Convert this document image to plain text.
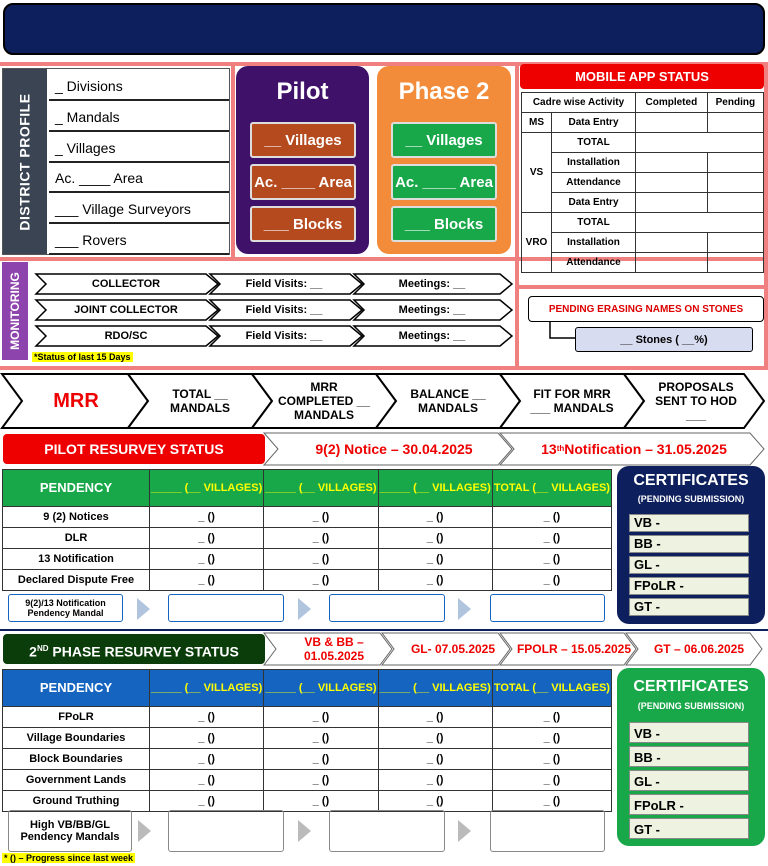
DISTRICT PROFILE
_ Divisions
_ Mandals
_ Villages
Ac. ____ Area
___ Village Surveyors
___ Rovers
Pilot
__ Villages
Ac. ____ Area
___ Blocks
Phase 2
__ Villages
Ac. ____ Area
___ Blocks
MOBILE APP STATUS
Cadre wise Activity		Completed	Pending
MS	Data Entry		
VS	TOTAL		
	Installation		
	Attendance		
	Data Entry		
VRO	TOTAL		
	Installation		
	Attendance		
MONITORING	COLLECTOR	Field Visits: __	Meetings: __
JOINT COLLECTOR	Field Visits: __	Meetings: __
RDO/SC	Field Visits: __	Meetings: __
*Status of last 15 Days
PENDING ERASING NAMES ON STONES
__ Stones ( __%)
MRR	TOTAL __ MANDALS
MRR COMPLETED __ MANDALS
BALANCE __ MANDALS
FIT FOR MRR ___ MANDALS
PROPOSALS SENT TO HOD ___
PILOT RESURVEY STATUS	9(2) Notice – 30.04.2025	13 th Notification – 31.05.2025
PENDENCY	_____ (__ VILLAGES)	_____ (__ VILLAGES)	_____ (__ VILLAGES)	TOTAL (__ VILLAGES)
9 (2) Notices	_ ()	_ ()	_ ()	_ ()
DLR	_ ()	_ ()	_ ()	_ ()
13 Notification	_ ()	_ ()	_ ()	_ ()
Declared Dispute Free	_ ()	_ ()	_ ()	_ ()
9(2)/13 Notification Pendency Mandal
CERTIFICATES
(PENDING SUBMISSION)
VB -
BB -
GL -
FPoLR -
GT -
2ND PHASE RESURVEY STATUS
VB & BB – 01.05.2025	GL- 07.05.2025	FPOLR – 15.05.2025	GT – 06.06.2025
PENDENCY	_____ (__ VILLAGES)	_____ (__ VILLAGES)	_____ (__ VILLAGES)	TOTAL (__ VILLAGES)
FPoLR	_ ()	_ ()	_ ()	_ ()
Village Boundaries	_ ()	_ ()	_ ()	_ ()
Block Boundaries	_ ()	_ ()	_ ()	_ ()
Government Lands	_ ()	_ ()	_ ()	_ ()
Ground Truthing	_ ()	_ ()	_ ()	_ ()
High VB/BB/GL Pendency Mandals
CERTIFICATES
(PENDING SUBMISSION)
VB -
BB -
GL -
FPoLR -
GT -
* () – Progress since last week
